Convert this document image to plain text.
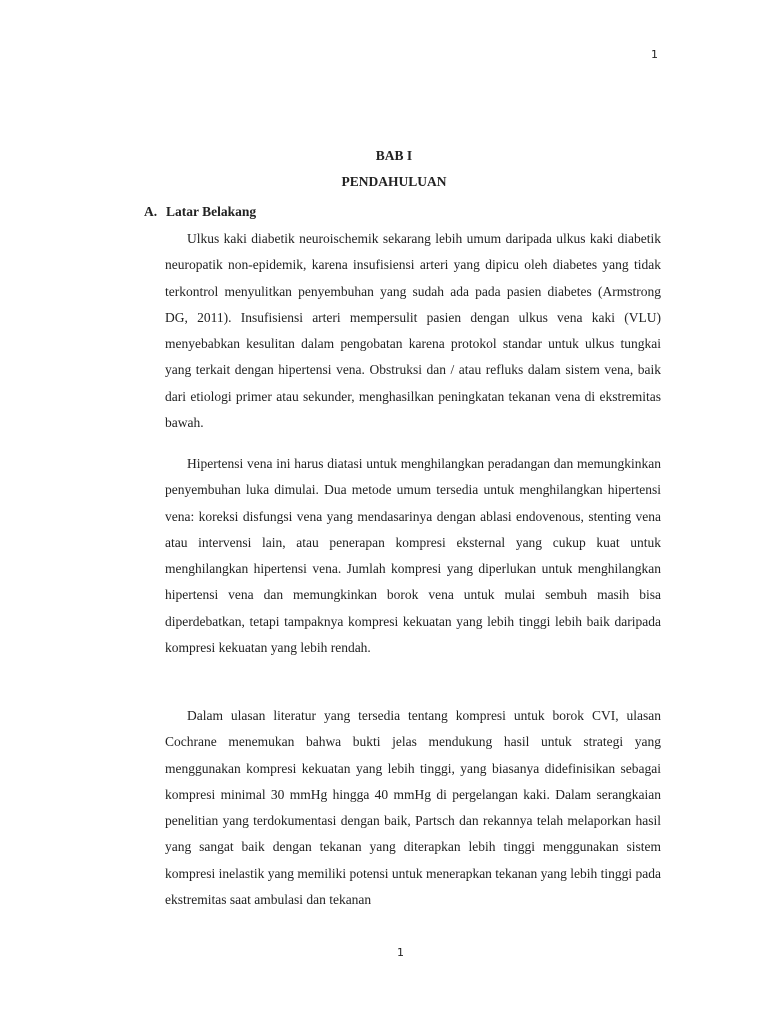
1
BAB I
PENDAHULUAN
A. Latar Belakang

Ulkus kaki diabetik neuroischemik sekarang lebih umum daripada ulkus kaki diabetik neuropatik non-epidemik, karena insufisiensi arteri yang dipicu oleh diabetes yang tidak terkontrol menyulitkan penyembuhan yang sudah ada pada pasien diabetes (Armstrong DG, 2011). Insufisiensi arteri mempersulit pasien dengan ulkus vena kaki (VLU) menyebabkan kesulitan dalam pengobatan karena protokol standar untuk ulkus tungkai yang terkait dengan hipertensi vena. Obstruksi dan / atau refluks dalam sistem vena, baik dari etiologi primer atau sekunder, menghasilkan peningkatan tekanan vena di ekstremitas bawah.

Hipertensi vena ini harus diatasi untuk menghilangkan peradangan dan memungkinkan penyembuhan luka dimulai. Dua metode umum tersedia untuk menghilangkan hipertensi vena: koreksi disfungsi vena yang mendasarinya dengan ablasi endovenous, stenting vena atau intervensi lain, atau penerapan kompresi eksternal yang cukup kuat untuk menghilangkan hipertensi vena. Jumlah kompresi yang diperlukan untuk menghilangkan hipertensi vena dan memungkinkan borok vena untuk mulai sembuh masih bisa diperdebatkan, tetapi tampaknya kompresi kekuatan yang lebih tinggi lebih baik daripada kompresi kekuatan yang lebih rendah.

Dalam ulasan literatur yang tersedia tentang kompresi untuk borok CVI, ulasan Cochrane menemukan bahwa bukti jelas mendukung hasil untuk strategi yang menggunakan kompresi kekuatan yang lebih tinggi, yang biasanya didefinisikan sebagai kompresi minimal 30 mmHg hingga 40 mmHg di pergelangan kaki. Dalam serangkaian penelitian yang terdokumentasi dengan baik, Partsch dan rekannya telah melaporkan hasil yang sangat baik dengan tekanan yang diterapkan lebih tinggi menggunakan sistem kompresi inelastik yang memiliki potensi untuk menerapkan tekanan yang lebih tinggi pada ekstremitas saat ambulasi dan tekanan

1
